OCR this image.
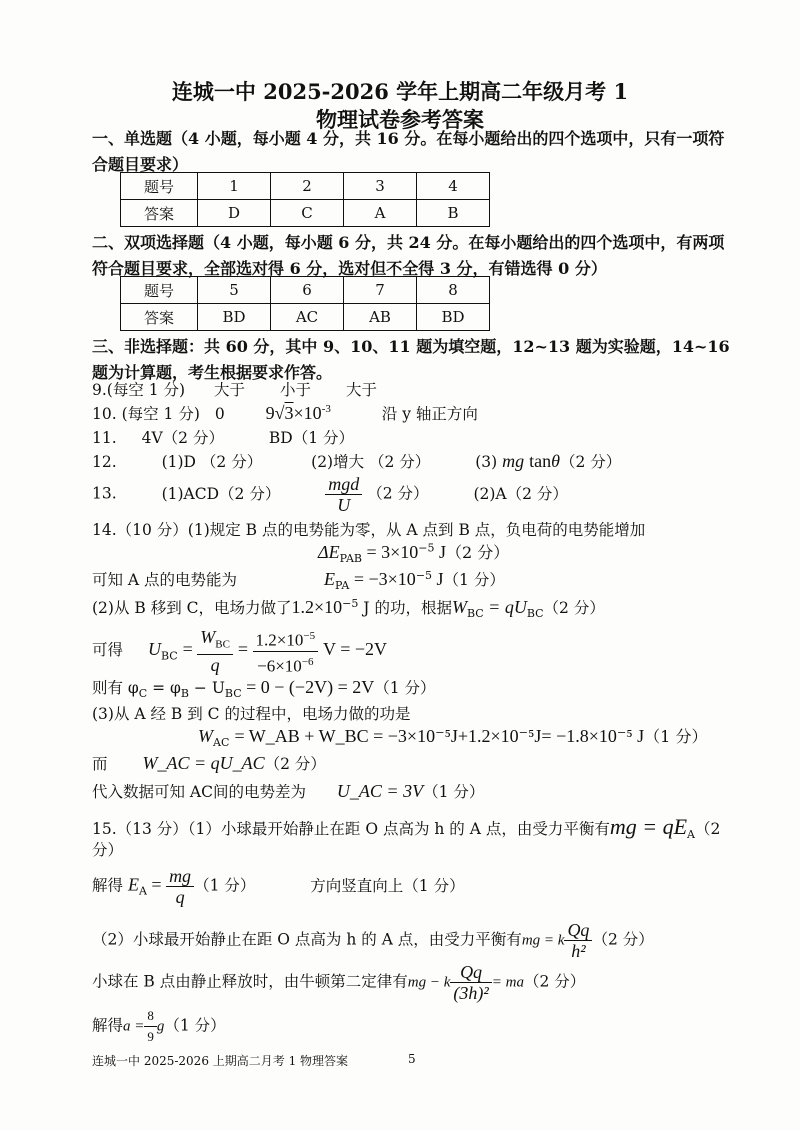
连城一中 2025-2026 学年上期高二年级月考 1
物理试卷参考答案
一、单选题（4 小题，每小题 4 分，共 16 分。在每小题给出的四个选项中，只有一项符合题目要求）
题号	1	2	3	4
答案	D	C	A	B
二、双项选择题（4 小题，每小题 6 分，共 24 分。在每小题给出的四个选项中，有两项符合题目要求，全部选对得 6 分，选对但不全得 3 分，有错选得 0 分）
题号	5	6	7	8
答案	BD	AC	AB	BD
三、非选择题：共 60 分，其中 9、10、11 题为填空题，12~13 题为实验题，14~16 题为计算题，考生根据要求作答。
9.(每空 1 分) 大于 小于 大于
10. (每空 1 分) 0 $9√3\times 10^{-3}$	沿 y 轴正方向
11. 4V（2 分）	BD（1 分）
12.	(1)D （2 分）	(2)增大 （2 分）	(3) mg tanθ（2 分）
13.	(1)ACD（2 分） $\frac{\text{mgd}}{U} (2$ 分）	(2)A（2 分）
14.（10 分）(1)规定 B 点的电势能为零，从 A 点到 B 点，负电荷的电势能增加
$\Delta E_{PAB} = 3\times 10^{-5}$ J（2 分）
可知 A 点的电势能为	$E_{PA} = -3\times 10^{-5}$ J（1 分）
(2)从 B 移到 C，电场力做了$1.2\times 10^{-5}$ J 的功，根据$W_{BC} = qU_{BC}(2$ 分）
可得 $U_{BC} = \frac{W_{BC}}{q} = \frac{1.2\times 10^{-5}}{-6\times 10^{-6}}$ V = −2V
则有 $\varphi_C = \varphi_B - U_{BC} = 0 - (-2V) = 2V(1$ 分）
(3)从 A 经 B 到 C 的过程中，电场力做的功是
$W_{AC}$ = W_AB + W_BC = −3×10⁻⁵J+1.2×10⁻⁵J= −1.8×10⁻⁵ J（1 分）
而 W_AC = qU_AC（2 分）
代入数据可知 AC间的电势差为 U_AC = 3V（1 分）
15.（13 分）（1）小球最开始静止在距 O 点高为 h 的 A 点，由受力平衡有mg = $qE_A(2$
分）
解得 $E_A = \frac{mg}{q} (1$ 分）	方向竖直向上（1 分）
（2）小球最开始静止在距 O 点高为 h 的 A 点，由受力平衡有mg = k $\frac{Qq}{\text{h²}} (2$ 分）
小球在 B 点由静止释放时，由牛顿第二定律有mg − k $\frac{Qq}{\text{(3h)²}} = ma(2$ 分）
解得$a = \frac{8}{9} g(1$ 分）
连城一中 2025-2026 上期高二月考 1 物理答案	5
